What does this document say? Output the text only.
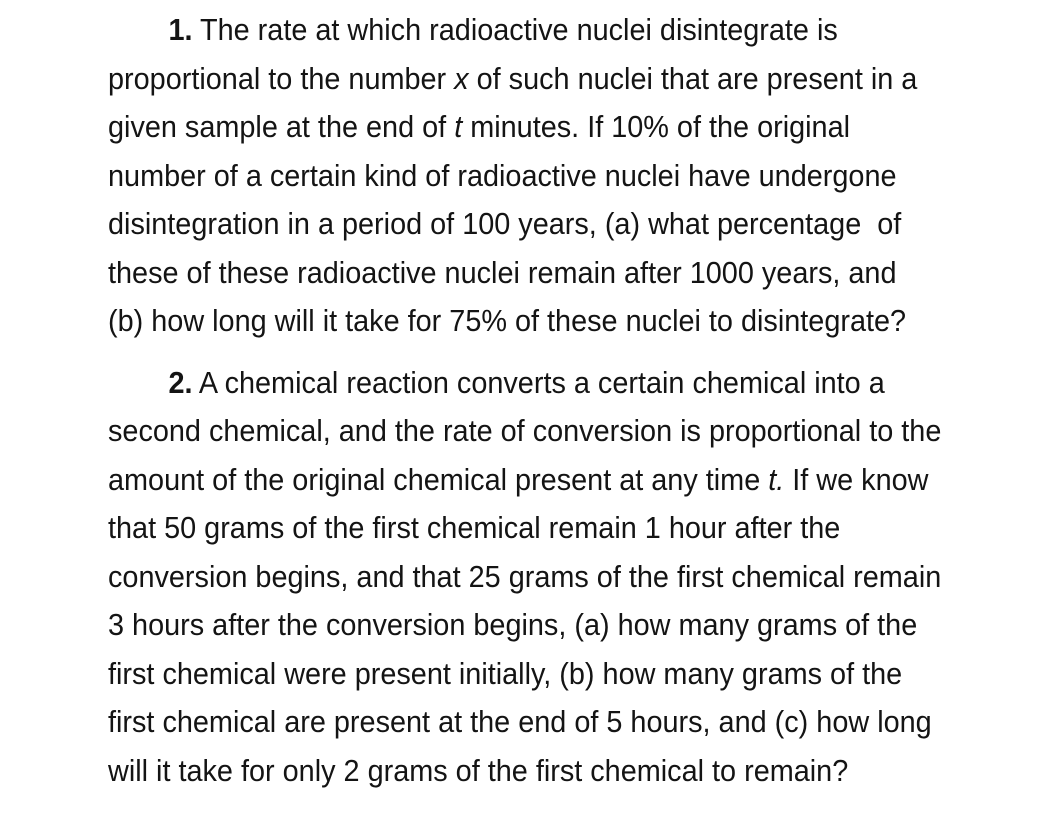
1. The rate at which radioactive nuclei disintegrate is
proportional to the number x of such nuclei that are present in a
given sample at the end of t minutes. If 10% of the original
number of a certain kind of radioactive nuclei have undergone
disintegration in a period of 100 years, (a) what percentage  of
these of these radioactive nuclei remain after 1000 years, and
(b) how long will it take for 75% of these nuclei to disintegrate?
2. A chemical reaction converts a certain chemical into a
second chemical, and the rate of conversion is proportional to the
amount of the original chemical present at any time t. If we know
that 50 grams of the first chemical remain 1 hour after the
conversion begins, and that 25 grams of the first chemical remain
3 hours after the conversion begins, (a) how many grams of the
first chemical were present initially, (b) how many grams of the
first chemical are present at the end of 5 hours, and (c) how long
will it take for only 2 grams of the first chemical to remain?
